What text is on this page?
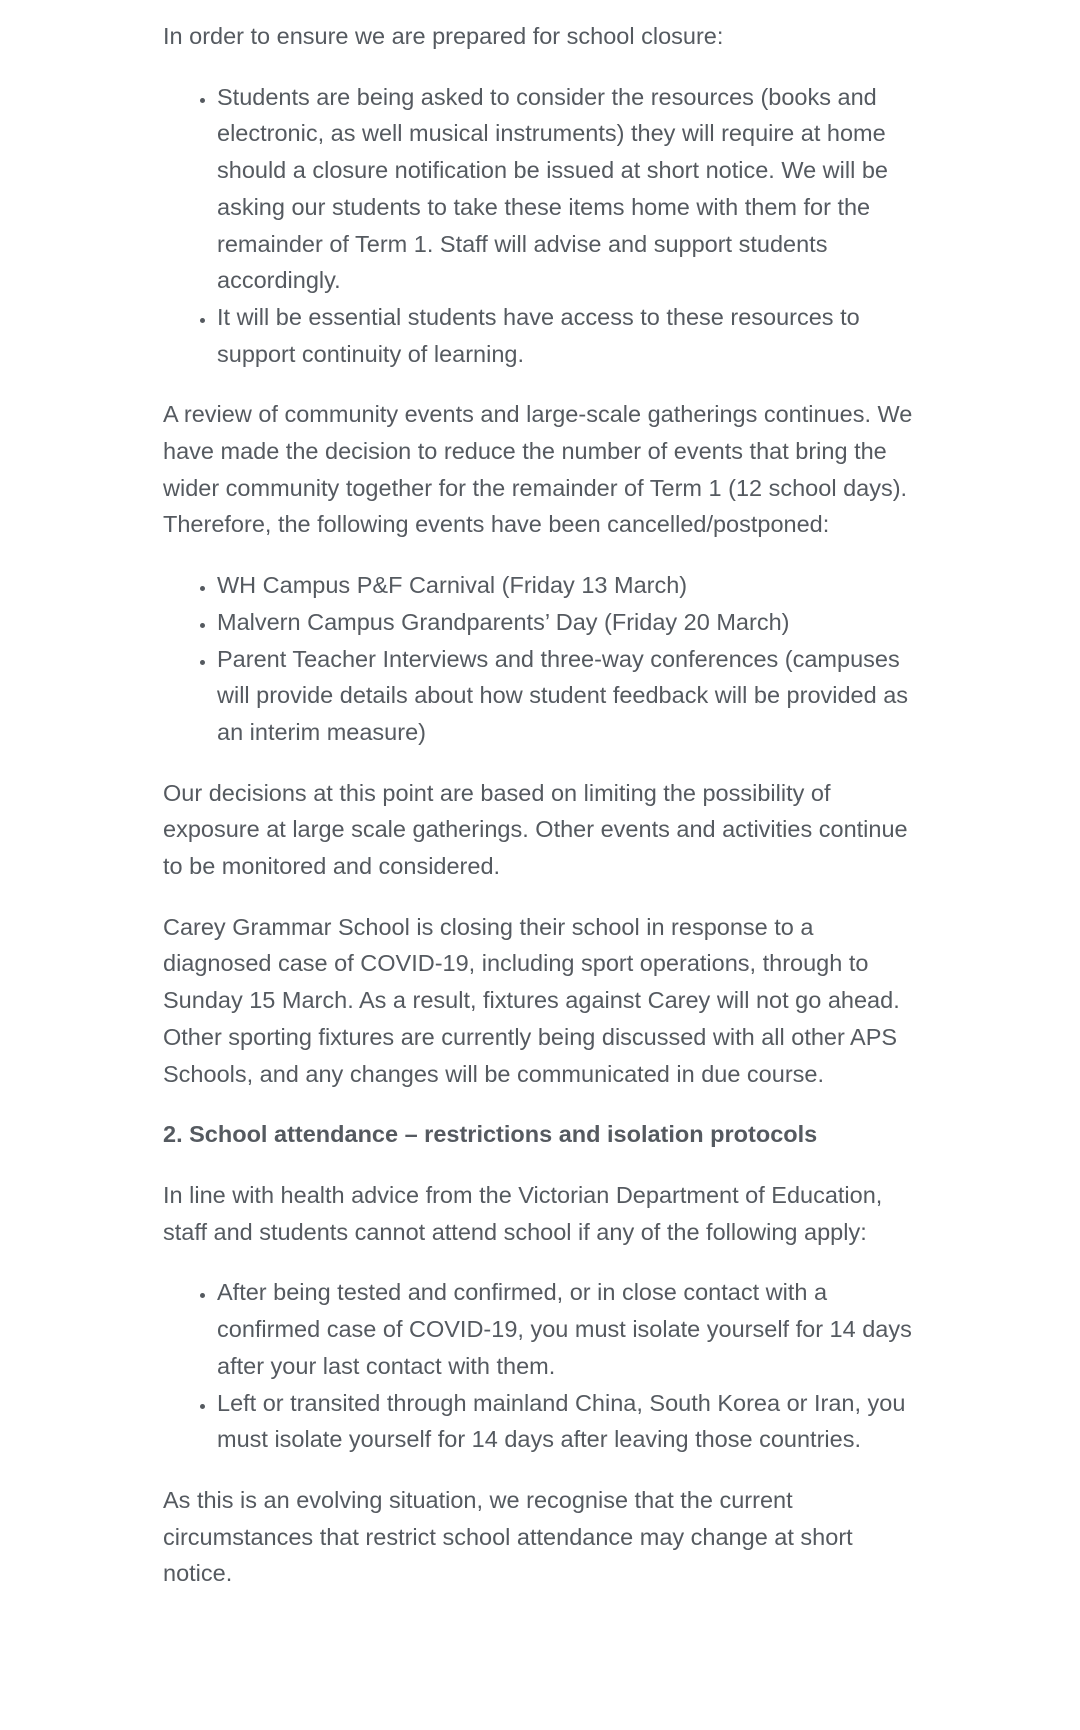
In order to ensure we are prepared for school closure:

• Students are being asked to consider the resources (books and electronic, as well musical instruments) they will require at home should a closure notification be issued at short notice. We will be asking our students to take these items home with them for the remainder of Term 1. Staff will advise and support students accordingly.
• It will be essential students have access to these resources to support continuity of learning.

A review of community events and large-scale gatherings continues. We have made the decision to reduce the number of events that bring the wider community together for the remainder of Term 1 (12 school days). Therefore, the following events have been cancelled/postponed:

• WH Campus P&F Carnival (Friday 13 March)
• Malvern Campus Grandparents’ Day (Friday 20 March)
• Parent Teacher Interviews and three-way conferences (campuses will provide details about how student feedback will be provided as an interim measure)

Our decisions at this point are based on limiting the possibility of exposure at large scale gatherings. Other events and activities continue to be monitored and considered.

Carey Grammar School is closing their school in response to a diagnosed case of COVID-19, including sport operations, through to Sunday 15 March. As a result, fixtures against Carey will not go ahead. Other sporting fixtures are currently being discussed with all other APS Schools, and any changes will be communicated in due course.

2. School attendance – restrictions and isolation protocols

In line with health advice from the Victorian Department of Education, staff and students cannot attend school if any of the following apply:

• After being tested and confirmed, or in close contact with a confirmed case of COVID-19, you must isolate yourself for 14 days after your last contact with them.
• Left or transited through mainland China, South Korea or Iran, you must isolate yourself for 14 days after leaving those countries.

As this is an evolving situation, we recognise that the current circumstances that restrict school attendance may change at short notice.
